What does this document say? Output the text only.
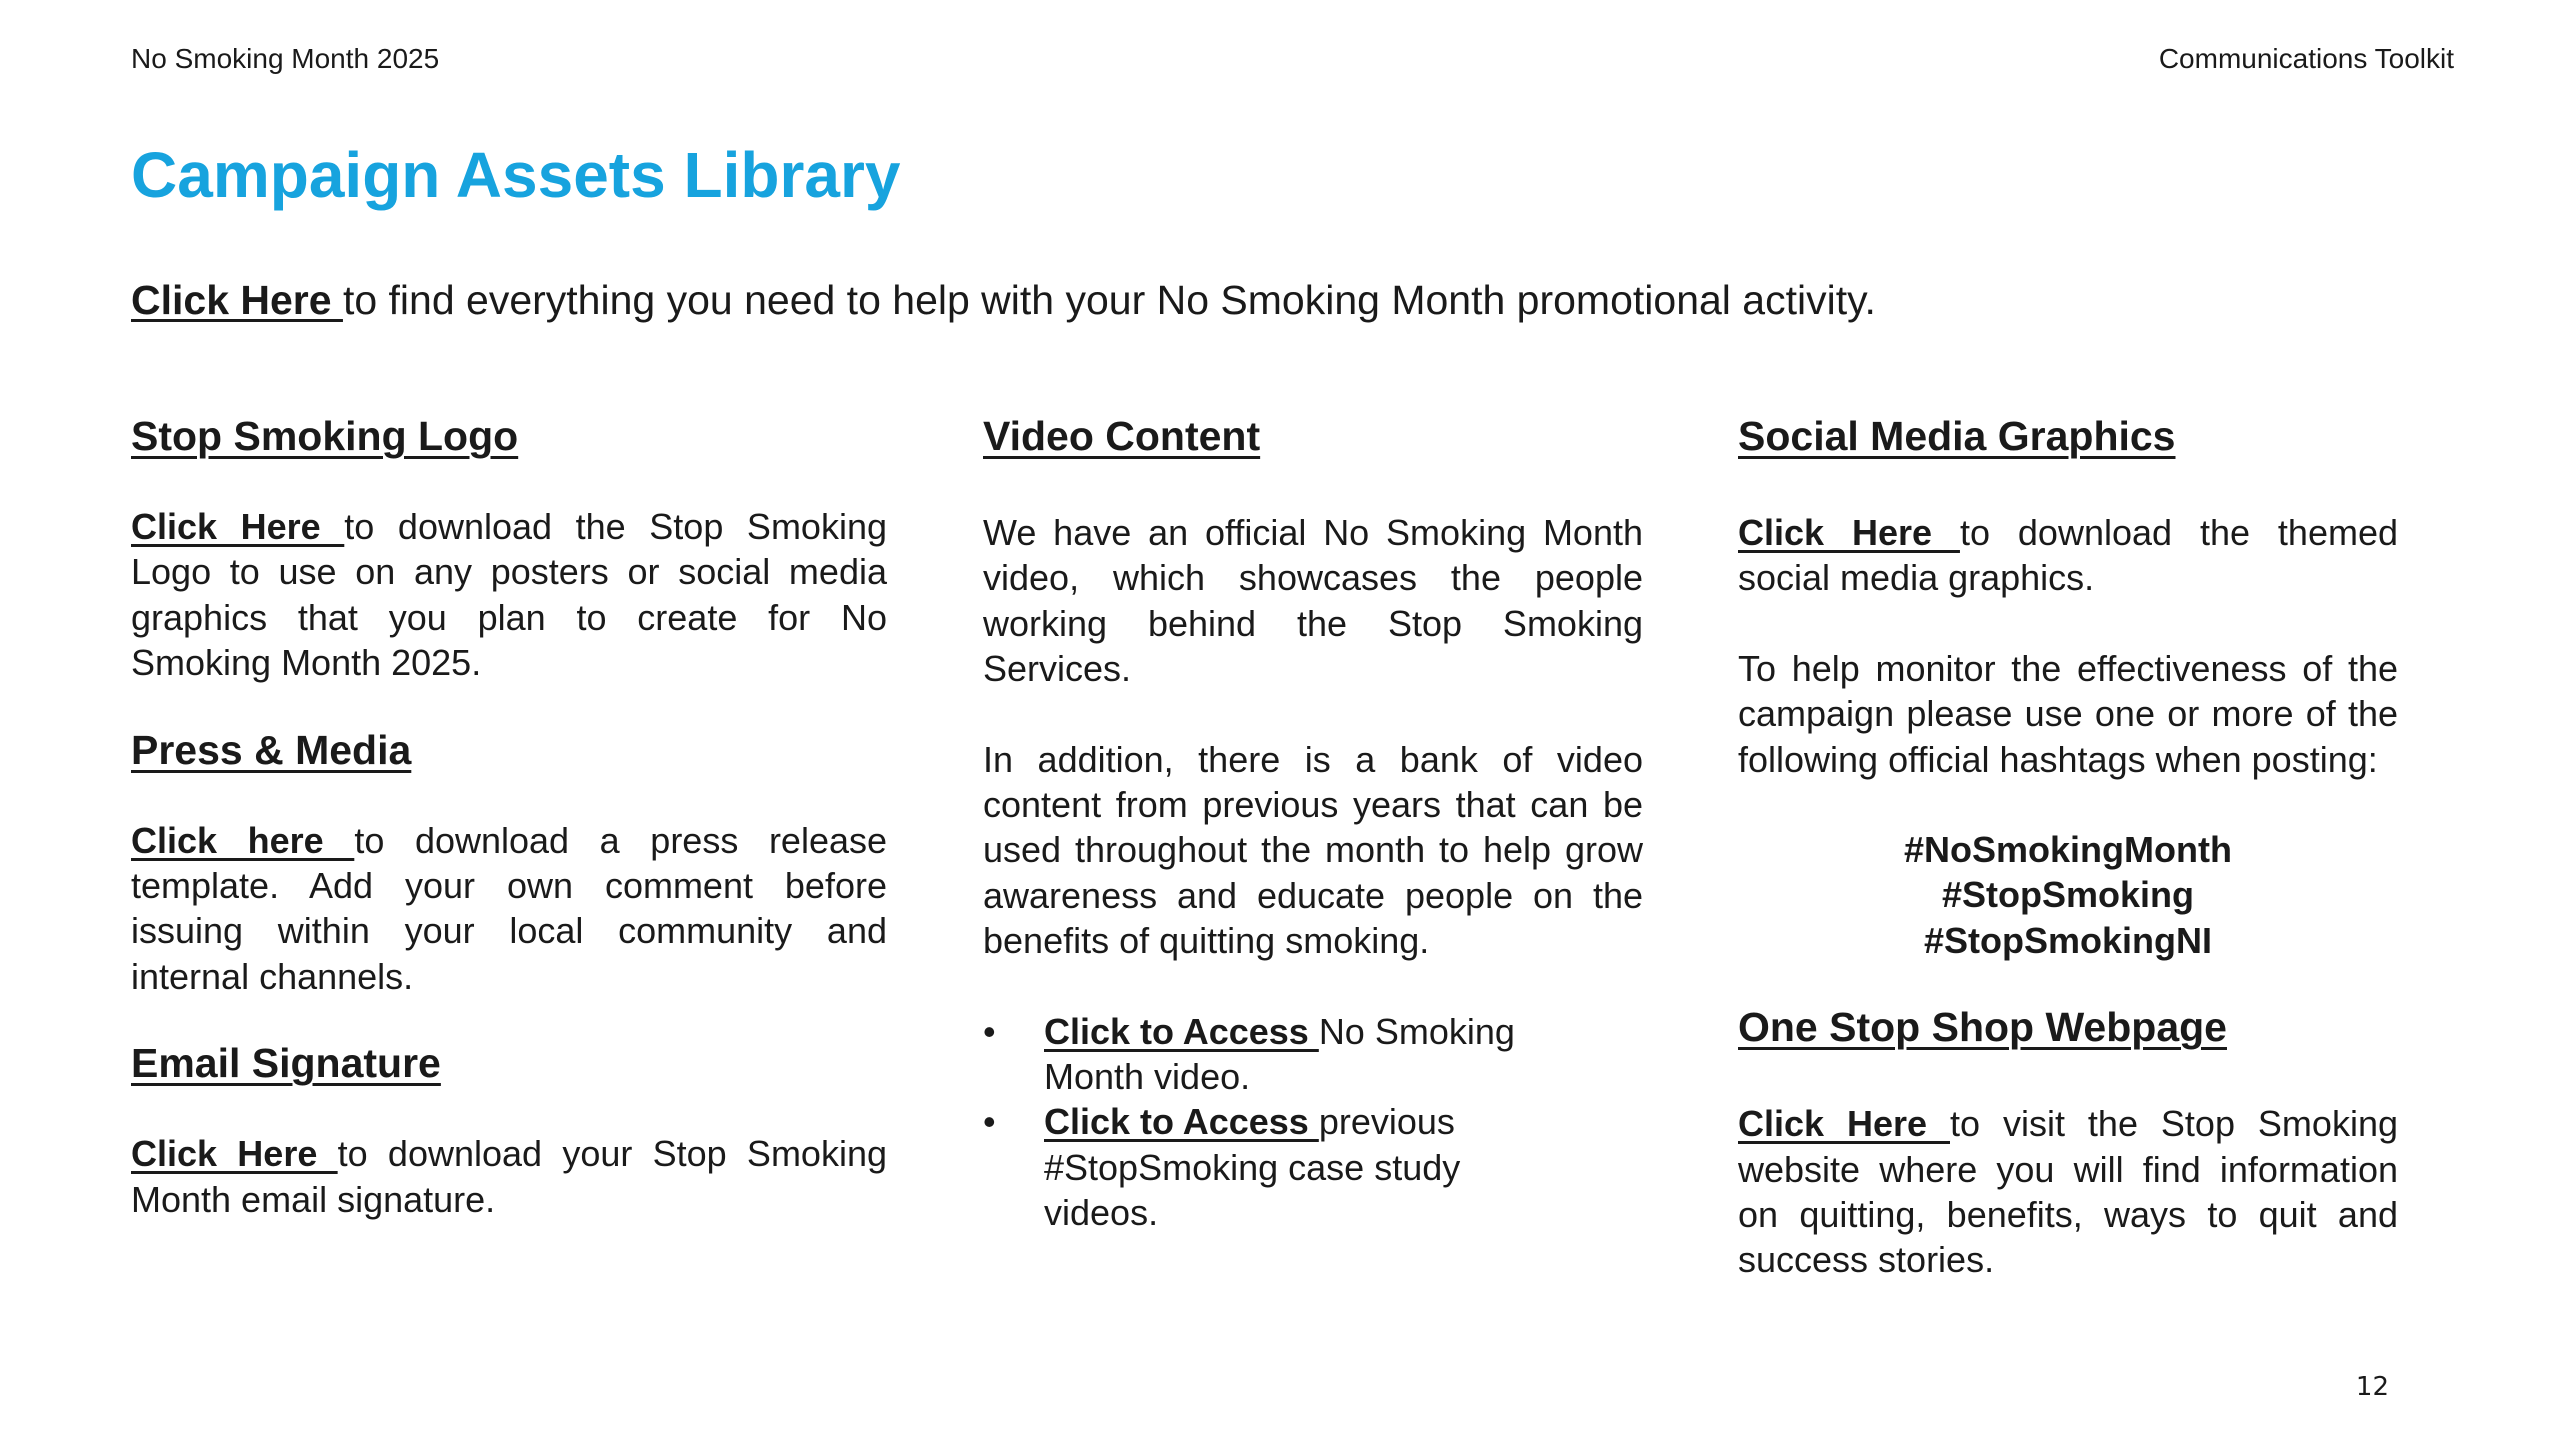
No Smoking Month 2025	Communications Toolkit
Campaign Assets Library
Click Here to find everything you need to help with your No Smoking Month promotional activity.
Stop Smoking Logo

Click Here to download the Stop Smoking Logo to use on any posters or social media graphics that you plan to create for No Smoking Month 2025.

Press & Media

Click here to download a press release template. Add your own comment before issuing within your local community and internal channels.

Email Signature

Click Here to download your Stop Smoking Month email signature.

Video Content

We have an official No Smoking Month video, which showcases the people working behind the Stop Smoking Services.

In addition, there is a bank of video content from previous years that can be used throughout the month to help grow awareness and educate people on the benefits of quitting smoking.

• Click to Access No Smoking Month video.
• Click to Access previous #StopSmoking case study videos.
Social Media Graphics

Click Here to download the themed social media graphics.

To help monitor the effectiveness of the campaign please use one or more of the following official hashtags when posting:

#NoSmokingMonth
#StopSmoking
#StopSmokingNI
One Stop Shop Webpage

Click Here to visit the Stop Smoking website where you will find information on quitting, benefits, ways to quit and success stories.

12
